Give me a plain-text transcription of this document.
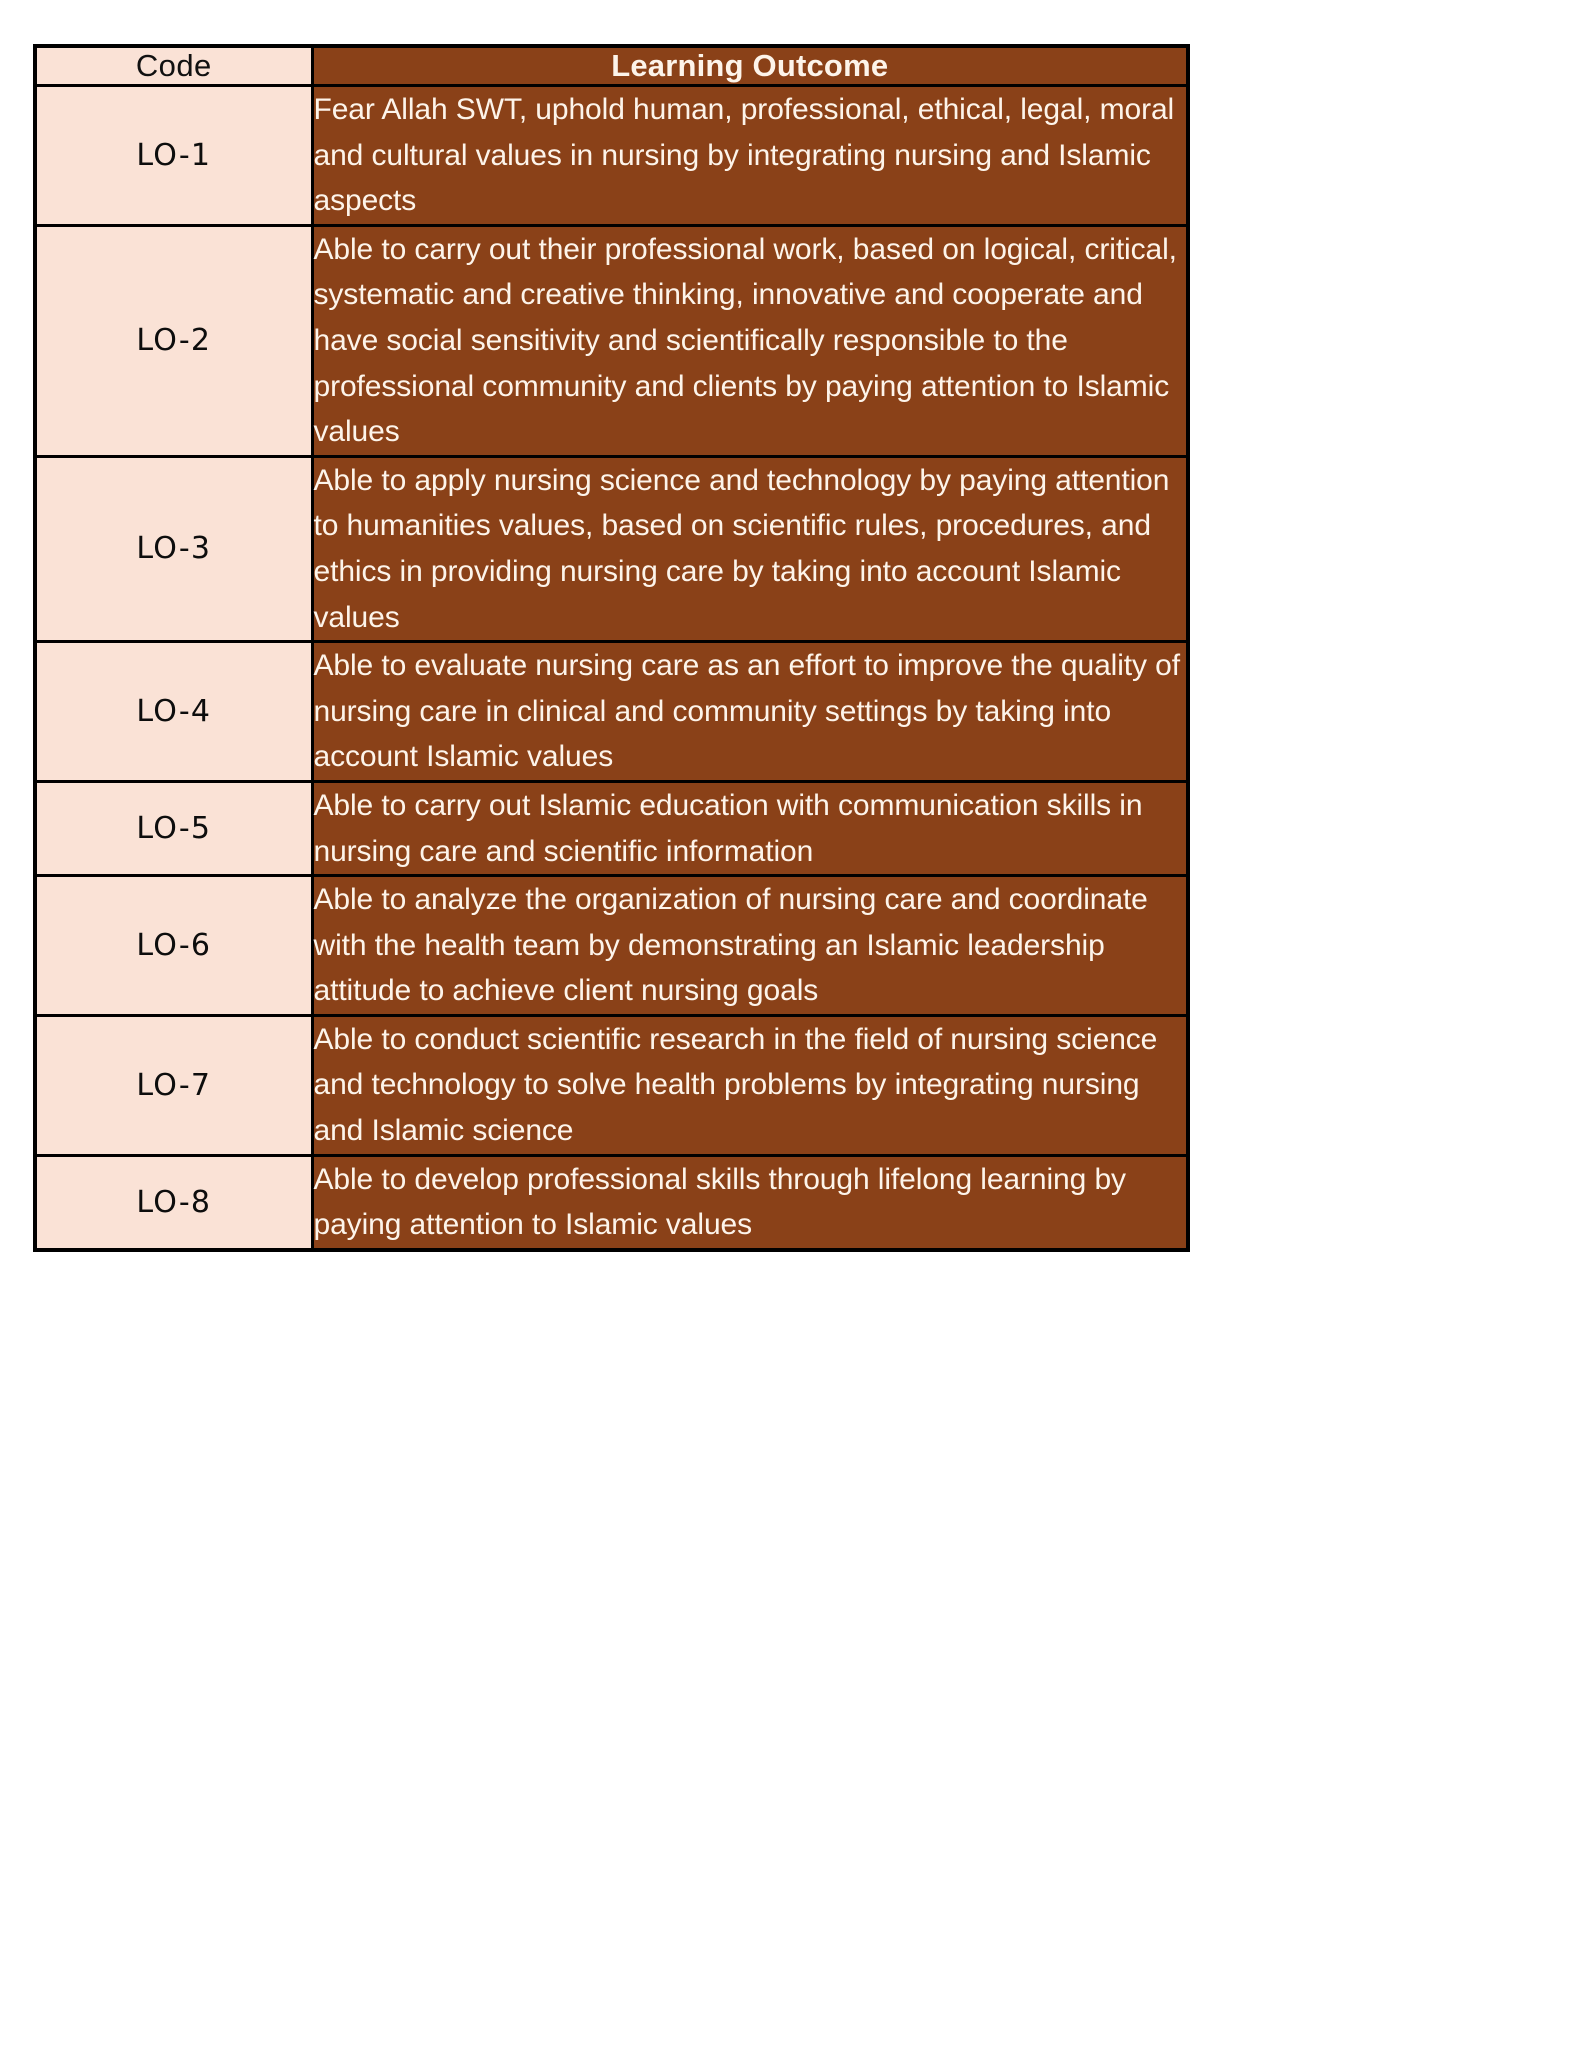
Code	Learning Outcome
LO-1	Fear Allah SWT, uphold human, professional, ethical, legal, moral and cultural values in nursing by integrating nursing and Islamic aspects

LO-2	Able to carry out their professional work, based on logical, critical, systematic and creative thinking, innovative and cooperate and have social sensitivity and scientifically responsible to the professional community and clients by paying attention to Islamic values

LO-3	Able to apply nursing science and technology by paying attention to humanities values, based on scientific rules, procedures, and ethics in providing nursing care by taking into account Islamic values

LO-4	Able to evaluate nursing care as an effort to improve the quality of nursing care in clinical and community settings by taking into account Islamic values

LO-5	Able to carry out Islamic education with communication skills in nursing care and scientific information

LO-6	Able to analyze the organization of nursing care and coordinate with the health team by demonstrating an Islamic leadership attitude to achieve client nursing goals

LO-7	Able to conduct scientific research in the field of nursing science and technology to solve health problems by integrating nursing and Islamic science

LO-8	Able to develop professional skills through lifelong learning by paying attention to Islamic values
